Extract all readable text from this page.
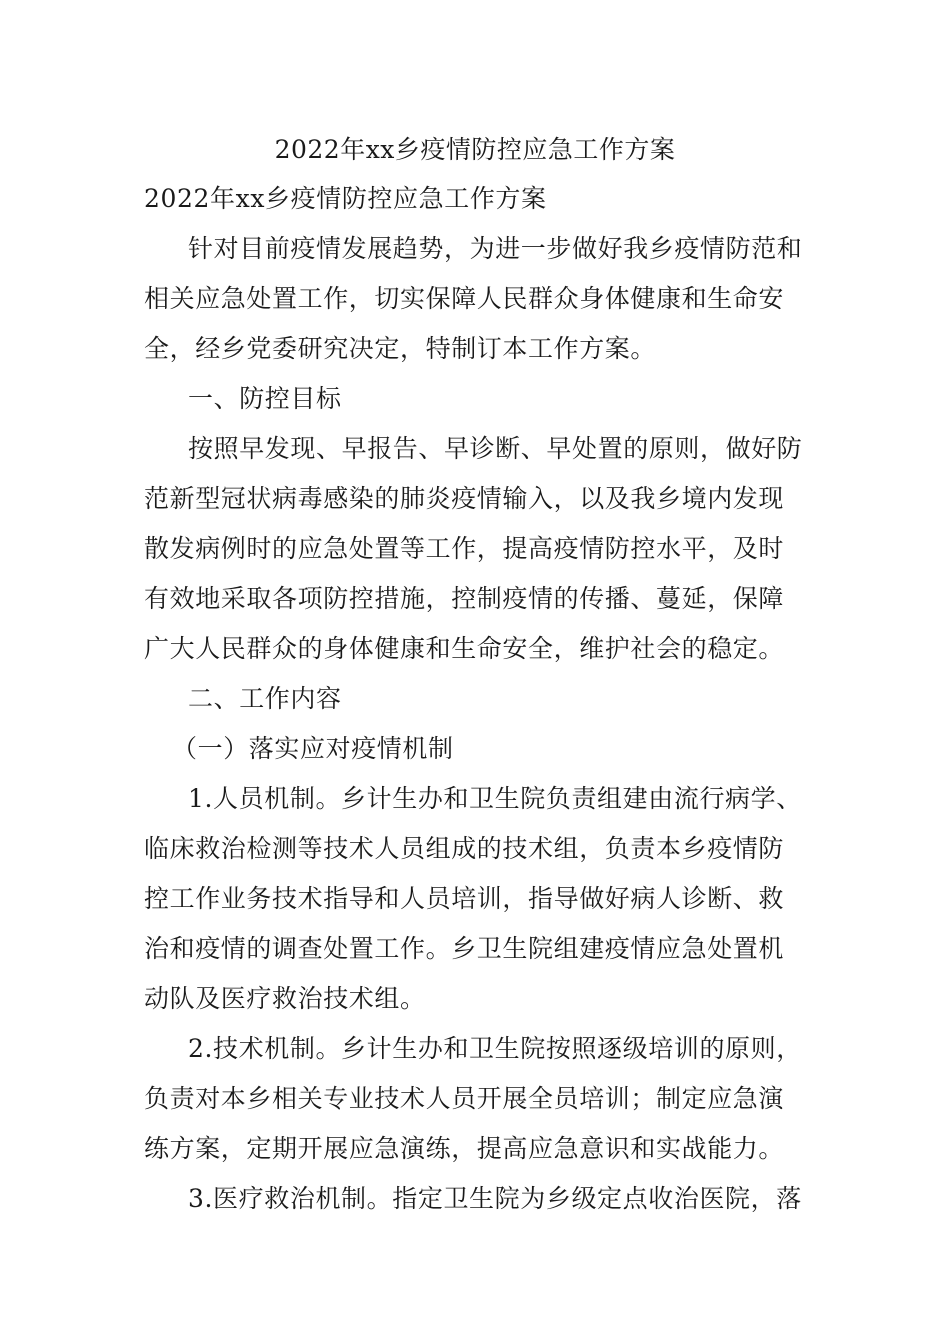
2022年xx乡疫情防控应急工作方案
2022年xx乡疫情防控应急工作方案
针对目前疫情发展趋势，为进一步做好我乡疫情防范和
相关应急处置工作，切实保障人民群众身体健康和生命安
全，经乡党委研究决定，特制订本工作方案。
一、防控目标
按照早发现、早报告、早诊断、早处置的原则，做好防
范新型冠状病毒感染的肺炎疫情输入，以及我乡境内发现
散发病例时的应急处置等工作，提高疫情防控水平，及时
有效地采取各项防控措施，控制疫情的传播、蔓延，保障
广大人民群众的身体健康和生命安全，维护社会的稳定。
二、工作内容
（一）落实应对疫情机制
1.人员机制。乡计生办和卫生院负责组建由流行病学、
临床救治检测等技术人员组成的技术组，负责本乡疫情防
控工作业务技术指导和人员培训，指导做好病人诊断、救
治和疫情的调查处置工作。乡卫生院组建疫情应急处置机
动队及医疗救治技术组。
2.技术机制。乡计生办和卫生院按照逐级培训的原则，
负责对本乡相关专业技术人员开展全员培训；制定应急演
练方案，定期开展应急演练，提高应急意识和实战能力。
3.医疗救治机制。指定卫生院为乡级定点收治医院，落
